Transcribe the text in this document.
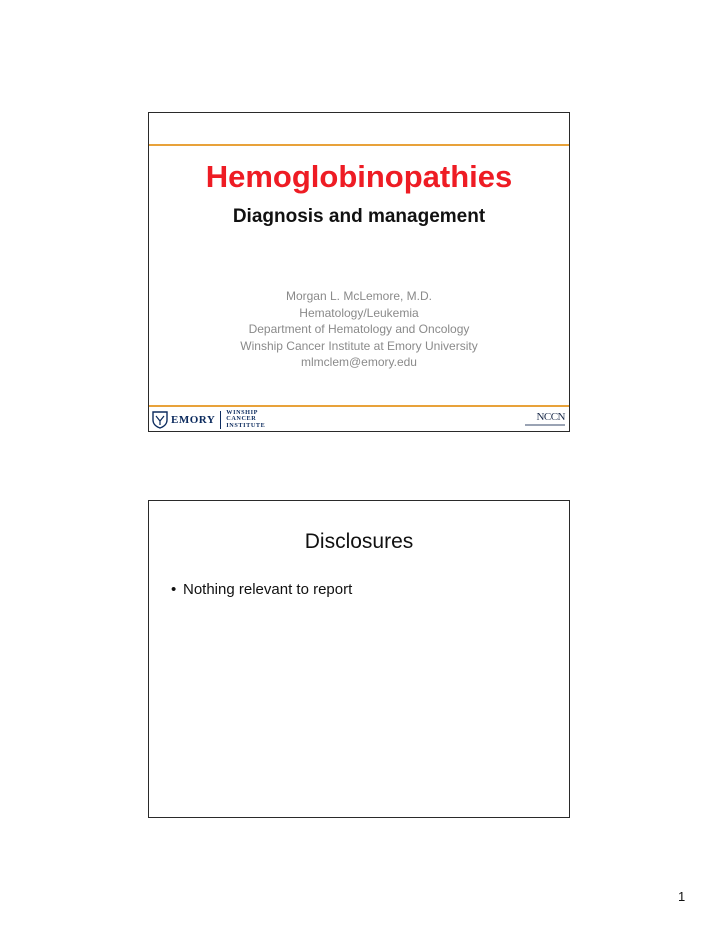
Hemoglobinopathies
Diagnosis and management
Morgan L. McLemore, M.D.
Hematology/Leukemia
Department of Hematology and Oncology
Winship Cancer Institute at Emory University
mlmclem@emory.edu
EMORY
WINSHIP
CANCER
INSTITUTE
NCCN
Disclosures
• Nothing relevant to report
1
